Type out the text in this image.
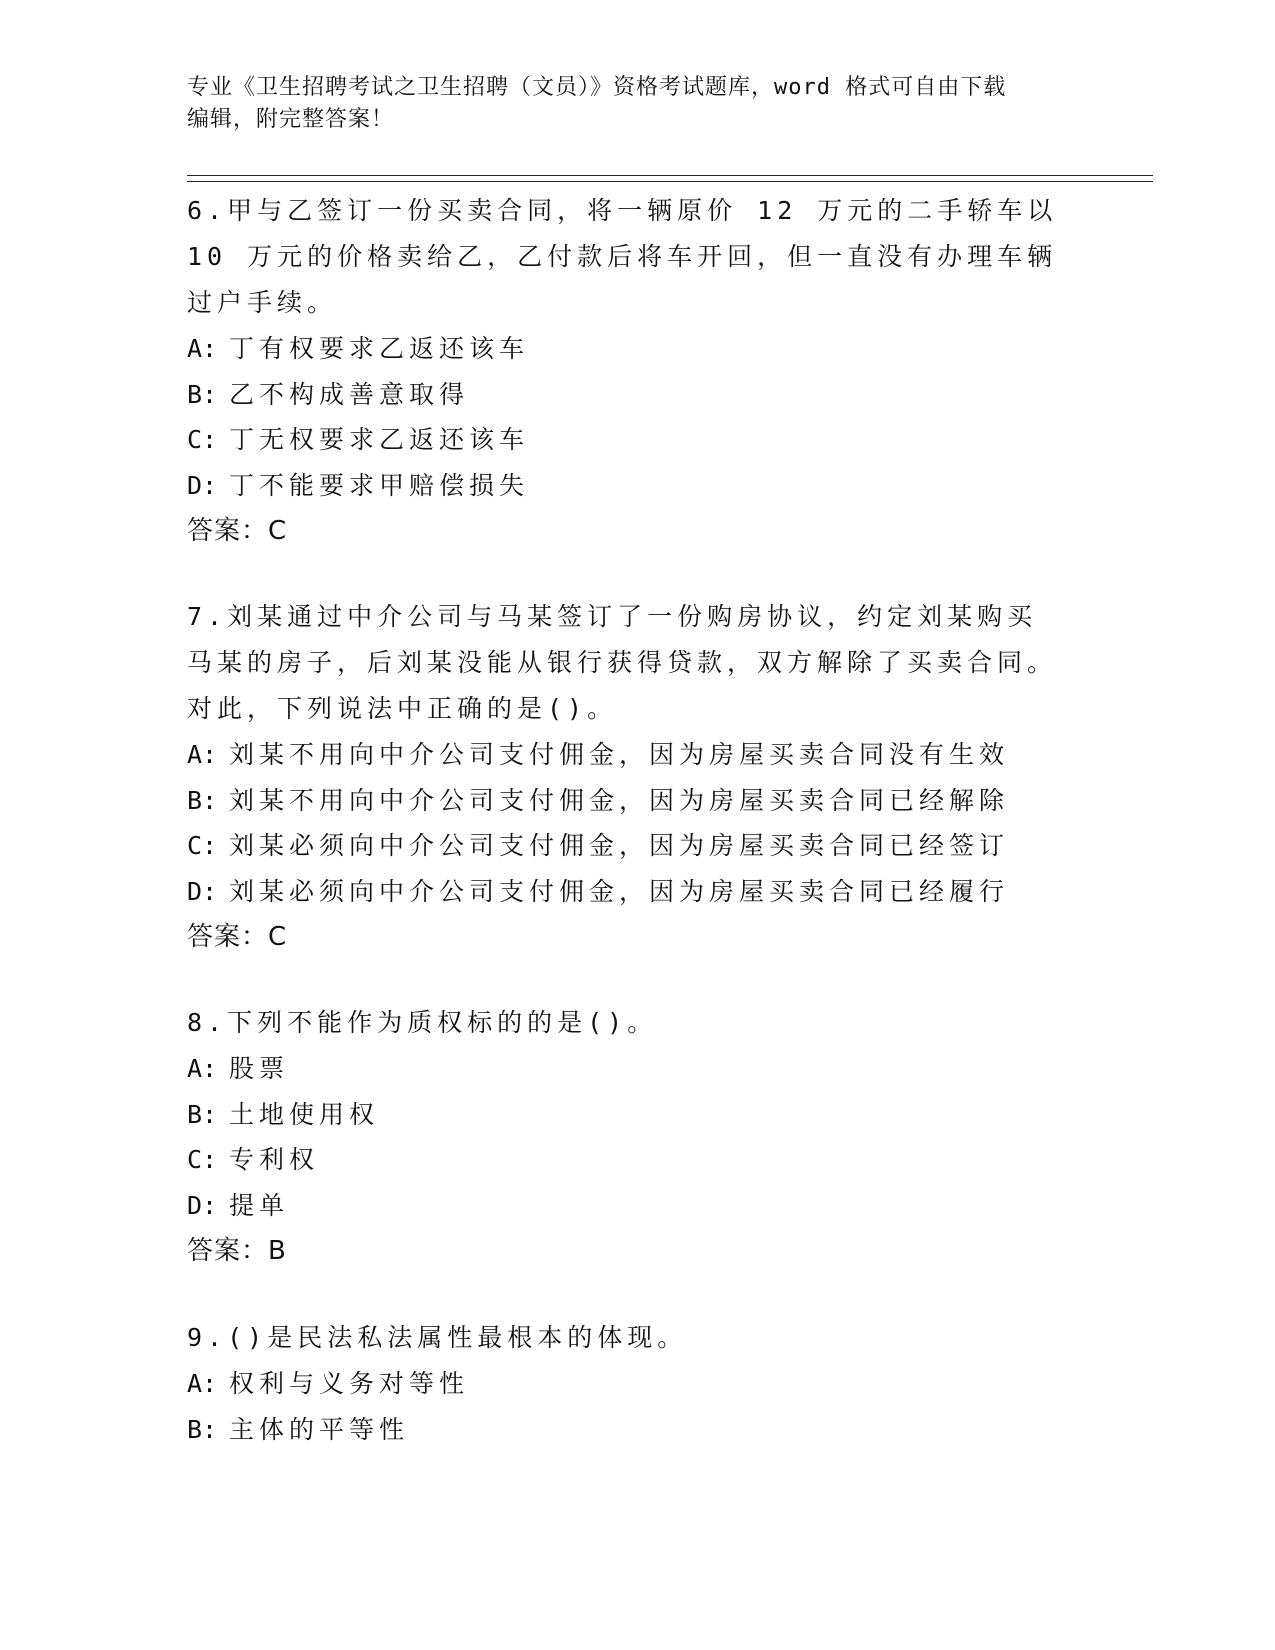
专业《卫生招聘考试之卫生招聘（文员）》资格考试题库，word 格式可自由下载
编辑，附完整答案！

6.甲与乙签订一份买卖合同，将一辆原价 12 万元的二手轿车以 10 万元的价格卖给乙，乙付款后将车开回，但一直没有办理车辆过户手续。

A: 丁有权要求乙返还该车
B: 乙不构成善意取得
C: 丁无权要求乙返还该车
D: 丁不能要求甲赔偿损失
答案：C

7.刘某通过中介公司与马某签订了一份购房协议，约定刘某购买马某的房子，后刘某没能从银行获得贷款，双方解除了买卖合同。对此，下列说法中正确的是()。

A: 刘某不用向中介公司支付佣金，因为房屋买卖合同没有生效
B: 刘某不用向中介公司支付佣金，因为房屋买卖合同已经解除
C: 刘某必须向中介公司支付佣金，因为房屋买卖合同已经签订
D: 刘某必须向中介公司支付佣金，因为房屋买卖合同已经履行
答案：C

8.下列不能作为质权标的的是()。

A: 股票
B: 土地使用权
C: 专利权
D: 提单
答案：B

9.()是民法私法属性最根本的体现。

A: 权利与义务对等性
B: 主体的平等性
